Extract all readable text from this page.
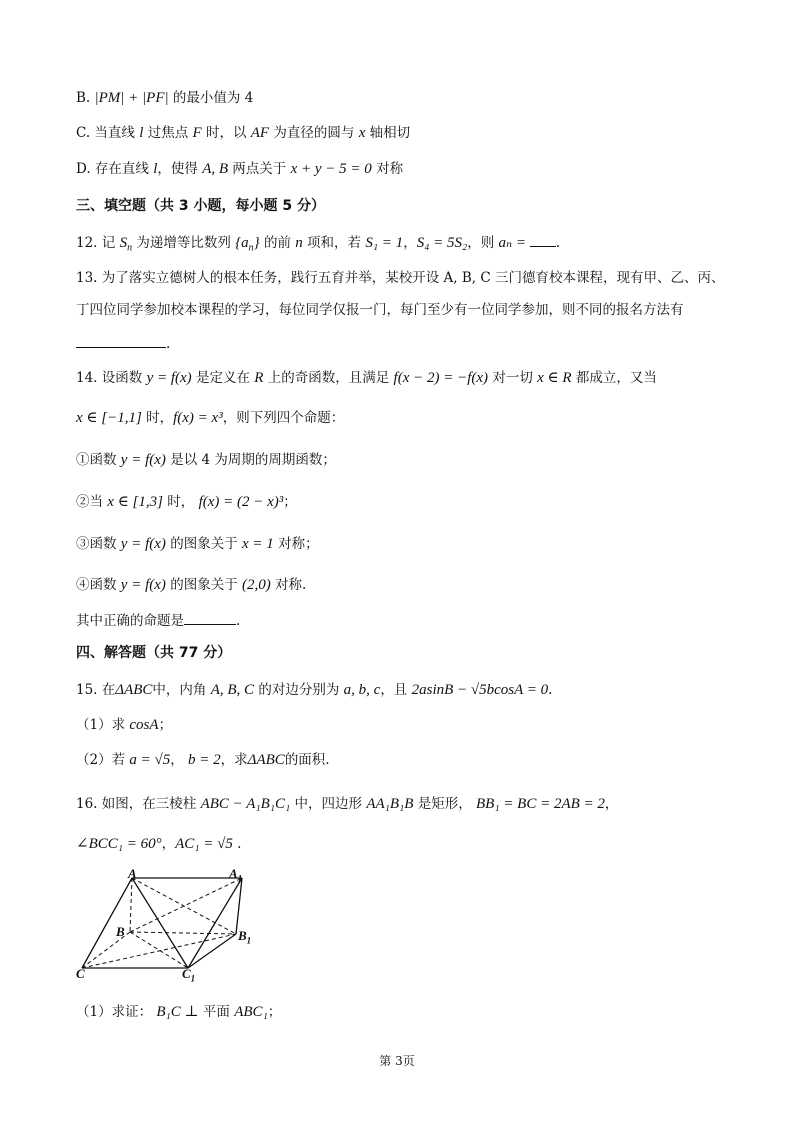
B. |PM| + |PF| 的最小值为 4
C. 当直线 l 过焦点 F 时，以 AF 为直径的圆与 x 轴相切
D. 存在直线 l，使得 A, B 两点关于 x + y − 5 = 0 对称
三、填空题（共 3 小题，每小题 5 分）
12. 记 $S_n$ 为递增等比数列 $\{a_n\}$ 的前 n 项和，若 S₁ = 1，S₄ = 5S₂，则 aₙ = .
13. 为了落实立德树人的根本任务，践行五育并举，某校开设 A, B, C 三门德育校本课程，现有甲、乙、丙、
丁四位同学参加校本课程的学习，每位同学仅报一门，每门至少有一位同学参加，则不同的报名方法有
.
14. 设函数 y = f(x) 是定义在 R 上的奇函数，且满足 f(x − 2) = −f(x) 对一切 x ∈ R 都成立，又当
x ∈ [−1,1] 时，f(x) = x³，则下列四个命题：
①函数 y = f(x) 是以 4 为周期的周期函数；
②当 x ∈ [1,3] 时， f(x) = (2 − x)³；
③函数 y = f(x) 的图象关于 x = 1 对称；
④函数 y = f(x) 的图象关于 (2,0) 对称.
其中正确的命题是	.
四、解答题（共 77 分）
15. 在ΔABC中，内角 A, B, C 的对边分别为 a, b, c，且 2asinB − √5bcosA = 0.
（1）求 cosA；
（2）若 a = √5， b = 2，求ΔABC的面积.
16. 如图，在三棱柱 ABC − A₁B₁C₁ 中，四边形 AA₁B₁B 是矩形， BB₁ = BC = 2AB = 2，
∠BCC₁ = 60°，AC₁ = √5 .
A	$A_1$
B	$B_1$
C	$C_1$
（1）求证： B₁C ⊥ 平面 ABC₁；
第 3页
